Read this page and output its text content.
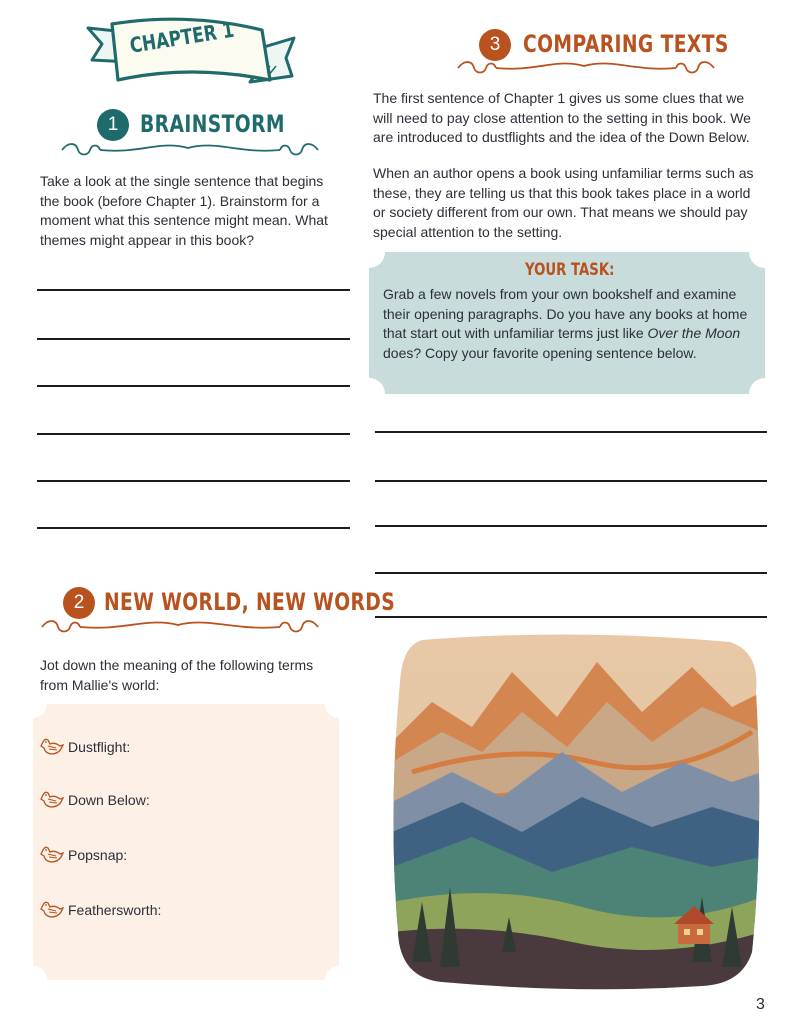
CHAPTER 1
1 BRAINSTORM
Take a look at the single sentence that begins the book (before Chapter 1). Brainstorm for a moment what this sentence might mean. What themes might appear in this book?
2 NEW WORLD, NEW WORDS
Jot down the meaning of the following terms from Mallie's world:
Dustflight:
Down Below:
Popsnap:
Feathersworth:
3 COMPARING TEXTS
The first sentence of Chapter 1 gives us some clues that we will need to pay close attention to the setting in this book. We are introduced to dustflights and the idea of the Down Below.
When an author opens a book using unfamiliar terms such as these, they are telling us that this book takes place in a world or society different from our own. That means we should pay special attention to the setting.
YOUR TASK:
Grab a few novels from your own bookshelf and examine their opening paragraphs. Do you have any books at home that start out with unfamiliar terms just like Over the Moon does? Copy your favorite opening sentence below.
3
